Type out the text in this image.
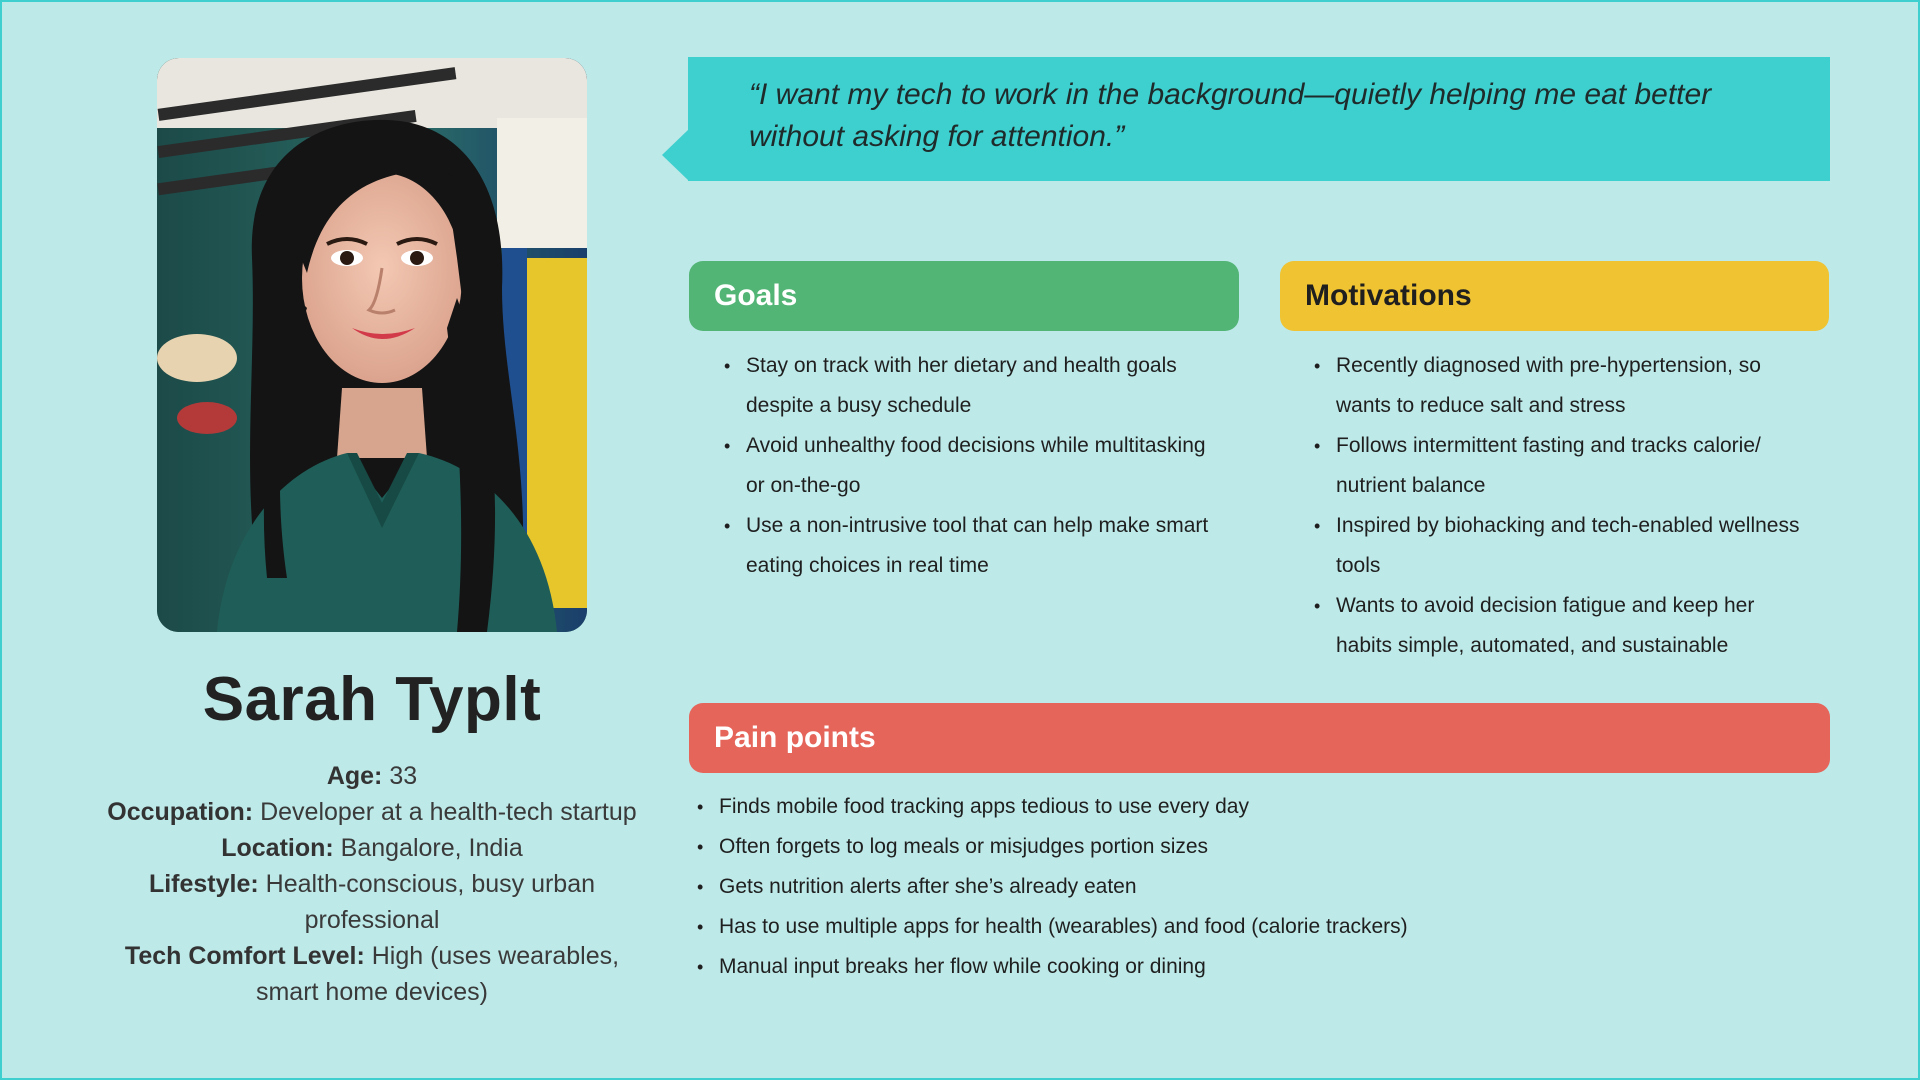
Sarah Typlt
Age: 33
Occupation: Developer at a health-tech startup
Location: Bangalore, India
Lifestyle: Health-conscious, busy urban professional
Tech Comfort Level: High (uses wearables, smart home devices)

“I want my tech to work in the background—quietly helping me eat better without asking for attention.”

Goals
• Stay on track with her dietary and health goals despite a busy schedule
• Avoid unhealthy food decisions while multitasking or on-the-go
• Use a non-intrusive tool that can help make smart eating choices in real time
Motivations
• Recently diagnosed with pre-hypertension, so wants to reduce salt and stress
• Follows intermittent fasting and tracks calorie/ nutrient balance
• Inspired by biohacking and tech-enabled wellness tools
• Wants to avoid decision fatigue and keep her habits simple, automated, and sustainable
Pain points
• Finds mobile food tracking apps tedious to use every day
• Often forgets to log meals or misjudges portion sizes
• Gets nutrition alerts after she’s already eaten
• Has to use multiple apps for health (wearables) and food (calorie trackers)
• Manual input breaks her flow while cooking or dining
